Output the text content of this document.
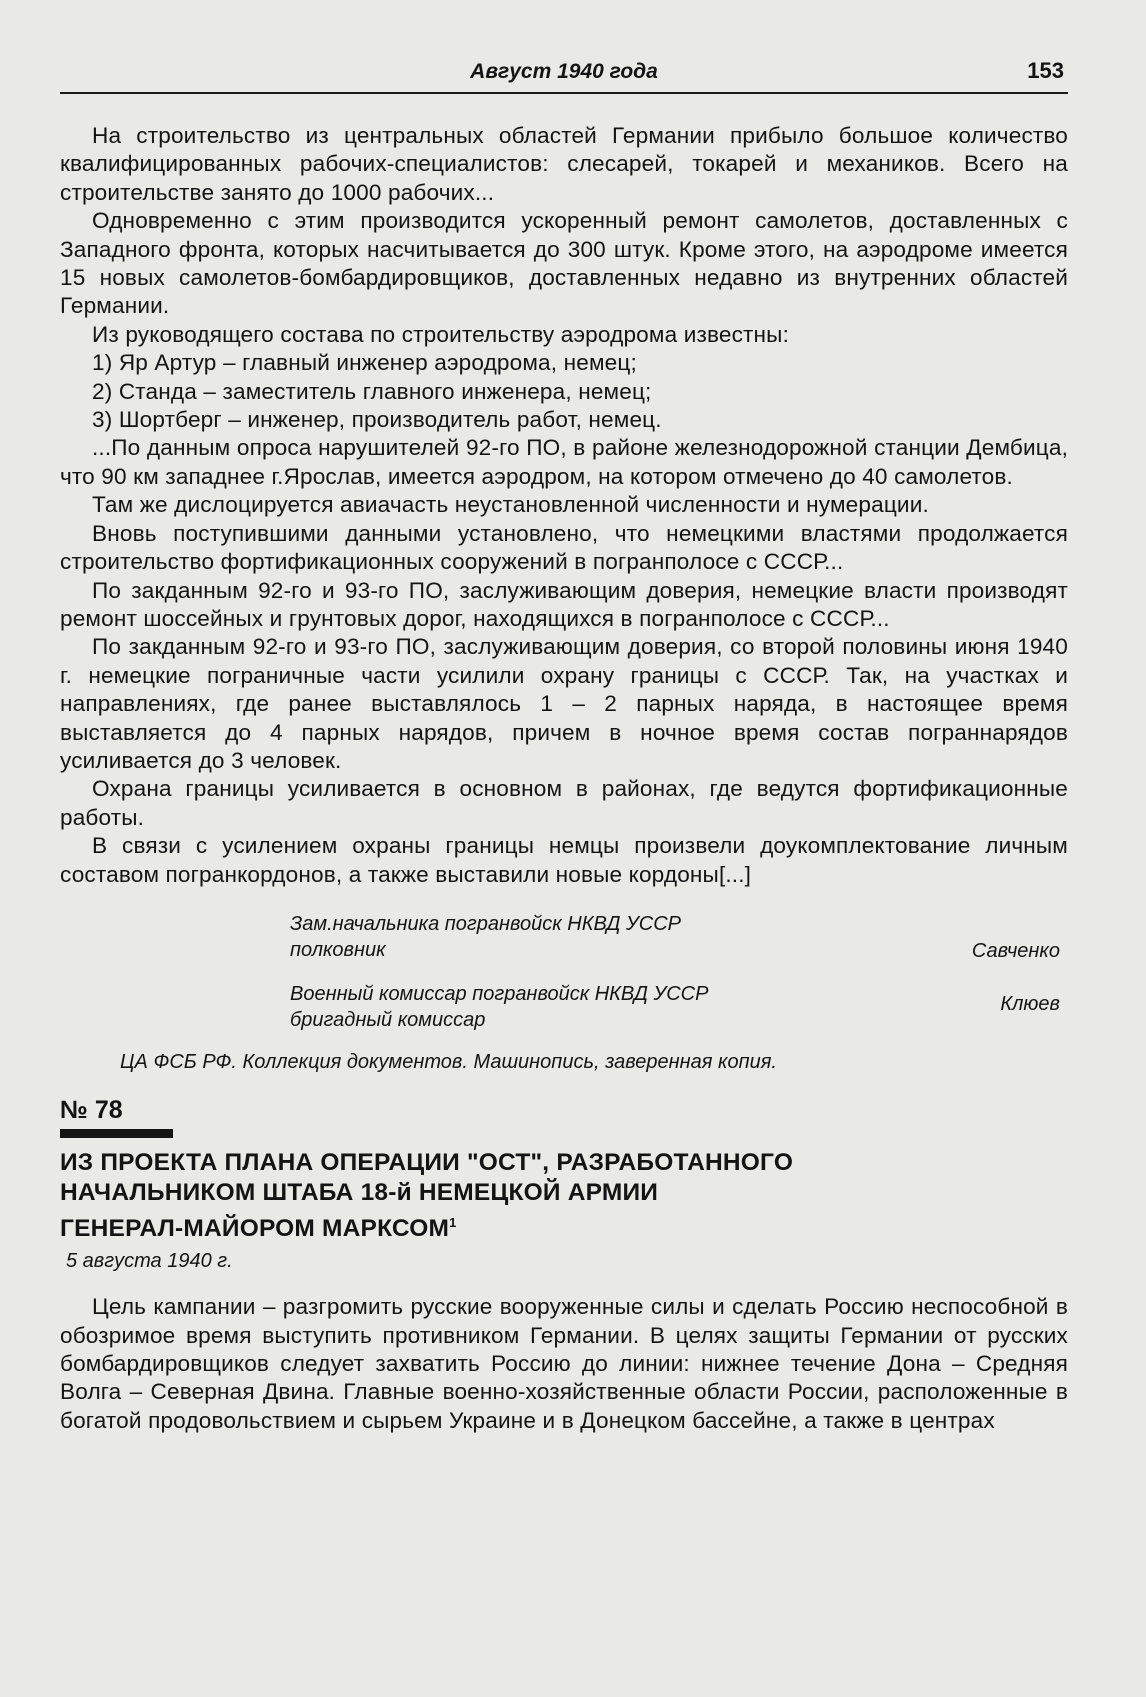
Август 1940 года	153

На строительство из центральных областей Германии прибыло большое количество квалифицированных рабочих-специалистов: слесарей, токарей и механиков. Всего на строительстве занято до 1000 рабочих...

Одновременно с этим производится ускоренный ремонт самолетов, доставленных с Западного фронта, которых насчитывается до 300 штук. Кроме этого, на аэродроме имеется 15 новых самолетов-бомбардировщиков, доставленных недавно из внутренних областей Германии.

Из руководящего состава по строительству аэродрома известны:

1) Яр Артур – главный инженер аэродрома, немец;

2) Станда – заместитель главного инженера, немец;

3) Шортберг – инженер, производитель работ, немец.

...По данным опроса нарушителей 92-го ПО, в районе железнодорожной станции Дембица, что 90 км западнее г.Ярослав, имеется аэродром, на котором отмечено до 40 самолетов.

Там же дислоцируется авиачасть неустановленной численности и нумерации.

Вновь поступившими данными установлено, что немецкими властями продолжается строительство фортификационных сооружений в погранполосе с СССР...

По закданным 92-го и 93-го ПО, заслуживающим доверия, немецкие власти производят ремонт шоссейных и грунтовых дорог, находящихся в погранполосе с СССР...

По закданным 92-го и 93-го ПО, заслуживающим доверия, со второй половины июня 1940 г. немецкие пограничные части усилили охрану границы с СССР. Так, на участках и направлениях, где ранее выставлялось 1 – 2 парных наряда, в настоящее время выставляется до 4 парных нарядов, причем в ночное время состав пограннарядов усиливается до 3 человек.

Охрана границы усиливается в основном в районах, где ведутся фортификационные работы.

В связи с усилением охраны границы немцы произвели доукомплектование личным составом погранкордонов, а также выставили новые кордоны[...]

Зам.начальника погранвойск НКВД УССР
полковник	Савченко
Военный комиссар погранвойск НКВД УССР
бригадный комиссар
Клюев
ЦА ФСБ РФ. Коллекция документов. Машинопись, заверенная копия.
№ 78
ИЗ ПРОЕКТА ПЛАНА ОПЕРАЦИИ "ОСТ", РАЗРАБОТАННОГО
НАЧАЛЬНИКОМ ШТАБА 18-й НЕМЕЦКОЙ АРМИИ
ГЕНЕРАЛ-МАЙОРОМ МАРКСОМ$^1$
5 августа 1940 г.

Цель кампании – разгромить русские вооруженные силы и сделать Россию неспособной в обозримое время выступить противником Германии. В целях защиты Германии от русских бомбардировщиков следует захватить Россию до линии: нижнее течение Дона – Средняя Волга – Северная Двина. Главные военно-хозяйственные области России, расположенные в богатой продовольствием и сырьем Украине и в Донецком бассейне, а также в центрах
